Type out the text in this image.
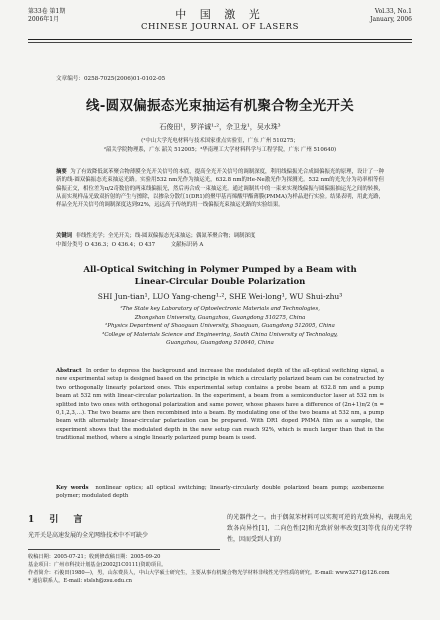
第33卷 第1期
2006年1月	中 国 激 光
CHINESE JOURNAL OF LASERS
Vol.33, No.1
January, 2006
文章编号：0258-7025(2006)01-0102-05
线-圆双偏振态光束抽运有机聚合物全光开关
石俊田¹，罗洋诚¹·²，佘卫龙¹，吴水珠³
(¹中山大学光电材料与技术国家重点实验室，广东 广州 510275；
²韶关学院物理系，广东 韶关 512005；³华南理工大学材料科学与工程学院，广东 广州 510640)
摘要 为了有效降低氮苯聚合物薄膜全光开关信号的本底，提高全光开关信号的调制深度，利用线偏振光合成圆偏振光的原理，设计了一种新的线-圆双偏振态光束抽运光路。实验用532 nm光作为抽运光，632.8 nm的He-Ne激光作为探测光。532 nm的光先分为功率相等但偏振正交，相位差为π/2奇数倍的两束线偏振光，然后再合成一束抽运光。通过调制其中的一束来实现线偏振与圆偏振抽运光之间的转换，从而实现样品光致双折射的产生与擦除，以掺杂分散红1(DR1)的聚甲基丙烯酸甲酯薄膜(PMMA)为样品进行实验。结果表明，用此光路，样品全光开关信号的调制深度达到92%，远远高于传统的用一线偏振光束抽运光路的实验结果。
关键词 非线性光学；全光开关；线-圆双偏振态光束抽运；偶氮苯聚合物；调制深度
中图分类号 O 436.3；O 436.4；O 437	文献标识码 A
All-Optical Switching in Polymer Pumped by a Beam with
Linear-Circular Double Polarization
SHI Jun-tian¹, LUO Yang-cheng¹·², SHE Wei-long¹, WU Shui-zhu³
¹The State key Laboratory of Optoelectronic Materials and Technologies,
Zhongshan University, Guangzhou, Guangdong 510275, China
²Physics Department of Shaoguan University, Shaoguan, Guangdong 512005, China
³College of Materials Science and Engineering, South China University of Technology,
Guangzhou, Guangdong 510640, China
Abstract In order to depress the background and increase the modulated depth of the all-optical switching signal, a new experimental setup is designed based on the principle in which a circularly polarized beam can be constructed by two orthogonally linearly polarized ones. This experimental setup contains a probe beam at 632.8 nm and a pump beam at 532 nm with linear-circular polarization. In the experiment, a beam from a semiconductor laser at 532 nm is splitted into two ones with orthogonal polarization and same power, whose phases have a difference of (2n+1)π/2 (n = 0,1,2,3,…). The two beams are then recombined into a beam. By modulating one of the two beams at 532 nm, a pump beam with alternately linear-circular polarization can be prepared. With DR1 doped PMMA film as a sample, the experiment shows that the modulated depth in the new setup can reach 92%, which is much larger than that in the traditional method, where a single linearly polarized pump beam is used.
Key words nonlinear optics; all optical switching; linearly-circularly double polarized beam pump; azobenzene polymer; modulated depth
1 引 言
光开关是高速发展的全光网络技术中不可缺少
的光器件之一。由于偶氮苯材料可以实现可逆的光致异构，表现出光致各向异性[1]，二向色性[2]和光致折射率改变[3]等优良的光学特性，因而受到人们的
收稿日期：2005-07-21；收到修改稿日期：2005-09-20
基金项目：广州市科技计划基金(2002J1C0111)资助项目。
作者简介：石俊田(1980—)，男，山东费县人，中山大学硕士研究生，主要从事有机聚合物光学材料非线性光学性质的研究。E-mail: www3271@126.com
* 通信联系人。E-mail: stslsh@zsu.edu.cn
